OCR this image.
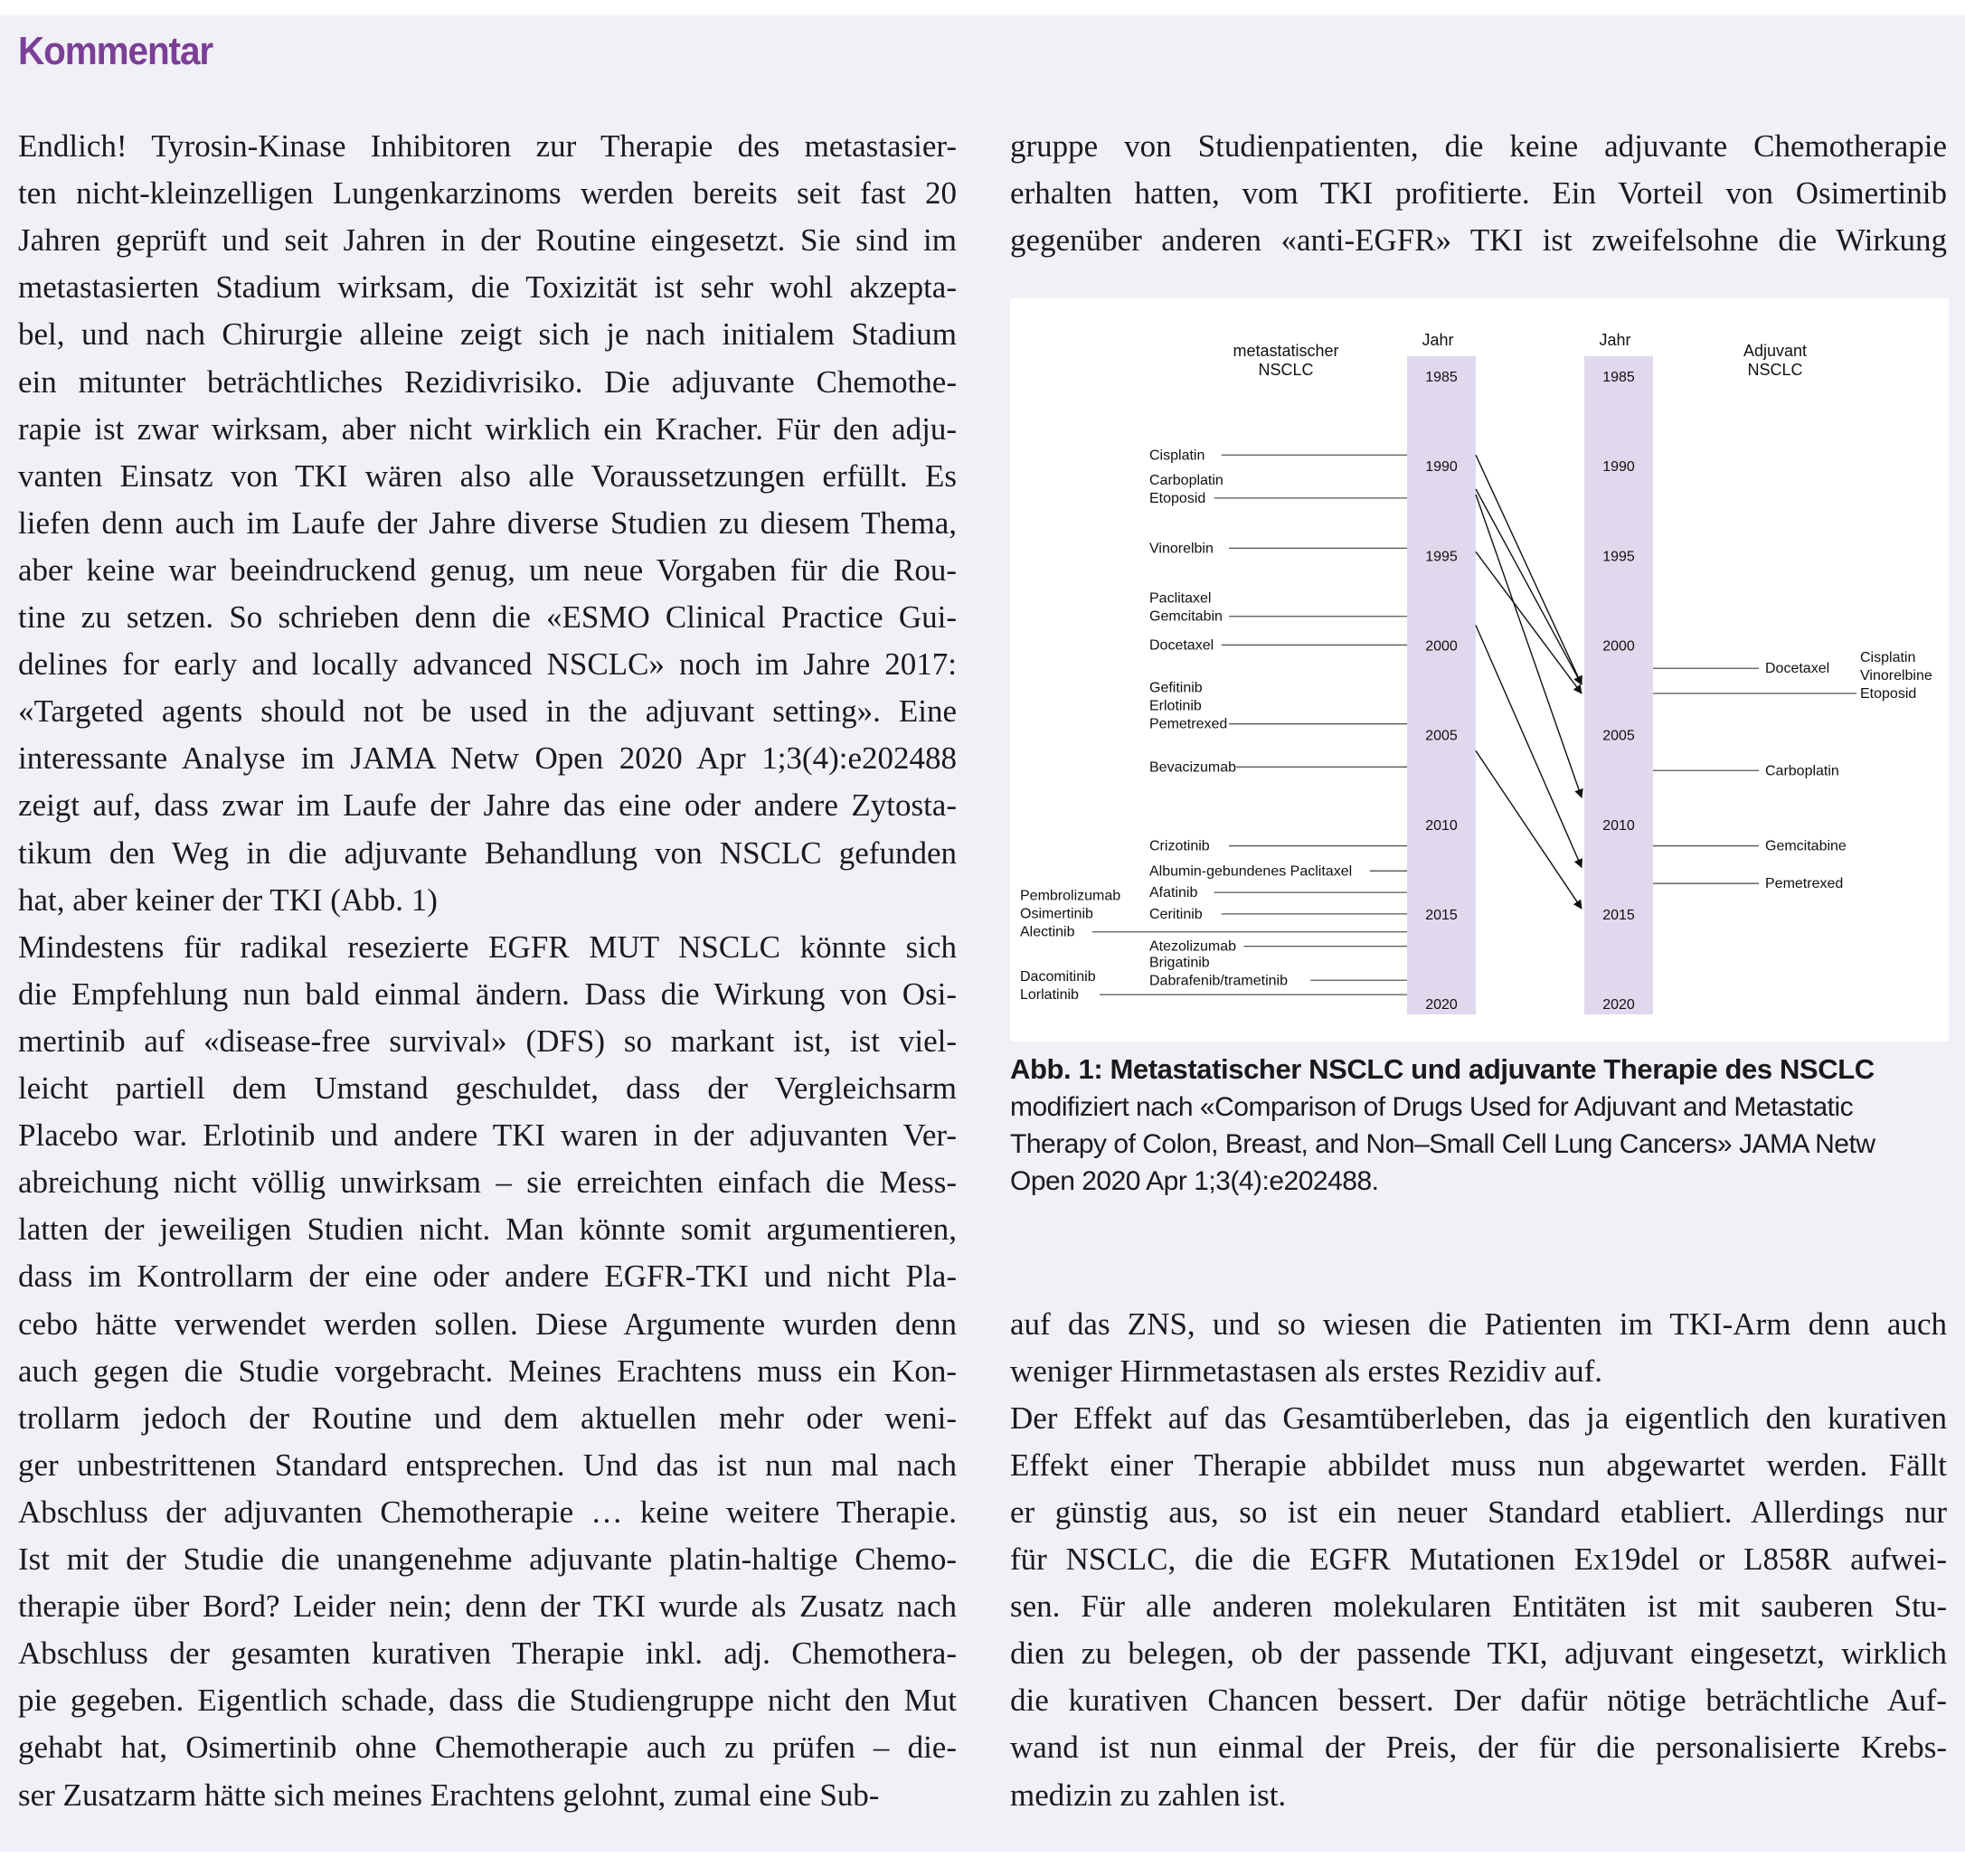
Kommentar
Endlich! Tyrosin-Kinase Inhibitoren zur Therapie des metastasier-
ten nicht-kleinzelligen Lungenkarzinoms werden bereits seit fast 20
Jahren geprüft und seit Jahren in der Routine eingesetzt. Sie sind im
metastasierten Stadium wirksam, die Toxizität ist sehr wohl akzepta-
bel, und nach Chirurgie alleine zeigt sich je nach initialem Stadium
ein mitunter beträchtliches Rezidivrisiko. Die adjuvante Chemothe-
rapie ist zwar wirksam, aber nicht wirklich ein Kracher. Für den adju-
vanten Einsatz von TKI wären also alle Voraussetzungen erfüllt. Es
liefen denn auch im Laufe der Jahre diverse Studien zu diesem Thema,
aber keine war beeindruckend genug, um neue Vorgaben für die Rou-
tine zu setzen. So schrieben denn die «ESMO Clinical Practice Gui-
delines for early and locally advanced NSCLC» noch im Jahre 2017:
«Targeted agents should not be used in the adjuvant setting». Eine
interessante Analyse im JAMA Netw Open 2020 Apr 1;3(4):e202488
zeigt auf, dass zwar im Laufe der Jahre das eine oder andere Zytosta-
tikum den Weg in die adjuvante Behandlung von NSCLC gefunden
hat, aber keiner der TKI (Abb. 1)
Mindestens für radikal resezierte EGFR MUT NSCLC könnte sich
die Empfehlung nun bald einmal ändern. Dass die Wirkung von Osi-
mertinib auf «disease-free survival» (DFS) so markant ist, ist viel-
leicht partiell dem Umstand geschuldet, dass der Vergleichsarm
Placebo war. Erlotinib und andere TKI waren in der adjuvanten Ver-
abreichung nicht völlig unwirksam – sie erreichten einfach die Mess-
latten der jeweiligen Studien nicht. Man könnte somit argumentieren,
dass im Kontrollarm der eine oder andere EGFR-TKI und nicht Pla-
cebo hätte verwendet werden sollen. Diese Argumente wurden denn
auch gegen die Studie vorgebracht. Meines Erachtens muss ein Kon-
trollarm jedoch der Routine und dem aktuellen mehr oder weni-
ger unbestrittenen Standard entsprechen. Und das ist nun mal nach
Abschluss der adjuvanten Chemotherapie … keine weitere Therapie.
Ist mit der Studie die unangenehme adjuvante platin-haltige Chemo-
therapie über Bord? Leider nein; denn der TKI wurde als Zusatz nach
Abschluss der gesamten kurativen Therapie inkl. adj. Chemothera-
pie gegeben. Eigentlich schade, dass die Studiengruppe nicht den Mut
gehabt hat, Osimertinib ohne Chemotherapie auch zu prüfen – die-
ser Zusatzarm hätte sich meines Erachtens gelohnt, zumal eine Sub-
gruppe von Studienpatienten, die keine adjuvante Chemotherapie
erhalten hatten, vom TKI profitierte. Ein Vorteil von Osimertinib
gegenüber anderen «anti-EGFR» TKI ist zweifelsohne die Wirkung
auf das ZNS, und so wiesen die Patienten im TKI-Arm denn auch
weniger Hirnmetastasen als erstes Rezidiv auf.
Der Effekt auf das Gesamtüberleben, das ja eigentlich den kurativen
Effekt einer Therapie abbildet muss nun abgewartet werden. Fällt
er günstig aus, so ist ein neuer Standard etabliert. Allerdings nur
für NSCLC, die die EGFR Mutationen Ex19del or L858R aufwei-
sen. Für alle anderen molekularen Entitäten ist mit sauberen Stu-
dien zu belegen, ob der passende TKI, adjuvant eingesetzt, wirklich
die kurativen Chancen bessert. Der dafür nötige beträchtliche Auf-
wand ist nun einmal der Preis, der für die personalisierte Krebs-
medizin zu zahlen ist.
Jahr	Jahr
metastatischer
NSCLC
Adjuvant
NSCLC
1985	1985
1990	1990
1995	1995
2000	2000
2005	2005
2010	2010
2015	2015
2020	2020
Cisplatin
Carboplatin
Etoposid
Vinorelbin
Paclitaxel
Gemcitabin
Docetaxel
Gefitinib
Erlotinib
Pemetrexed
Bevacizumab
Crizotinib
Albumin-gebundenes Paclitaxel
Afatinib
Ceritinib
Pembrolizumab
Osimertinib
Alectinib
Atezolizumab
Brigatinib
Dabrafenib/trametinib
Dacomitinib
Lorlatinib
Docetaxel
Cisplatin
Vinorelbine
Etoposid
Carboplatin
Gemcitabine
Pemetrexed
Abb. 1: Metastatischer NSCLC und adjuvante Therapie des NSCLC
modifiziert nach «Comparison of Drugs Used for Adjuvant and Metastatic
Therapy of Colon, Breast, and Non–Small Cell Lung Cancers» JAMA Netw
Open 2020 Apr 1;3(4):e202488.
